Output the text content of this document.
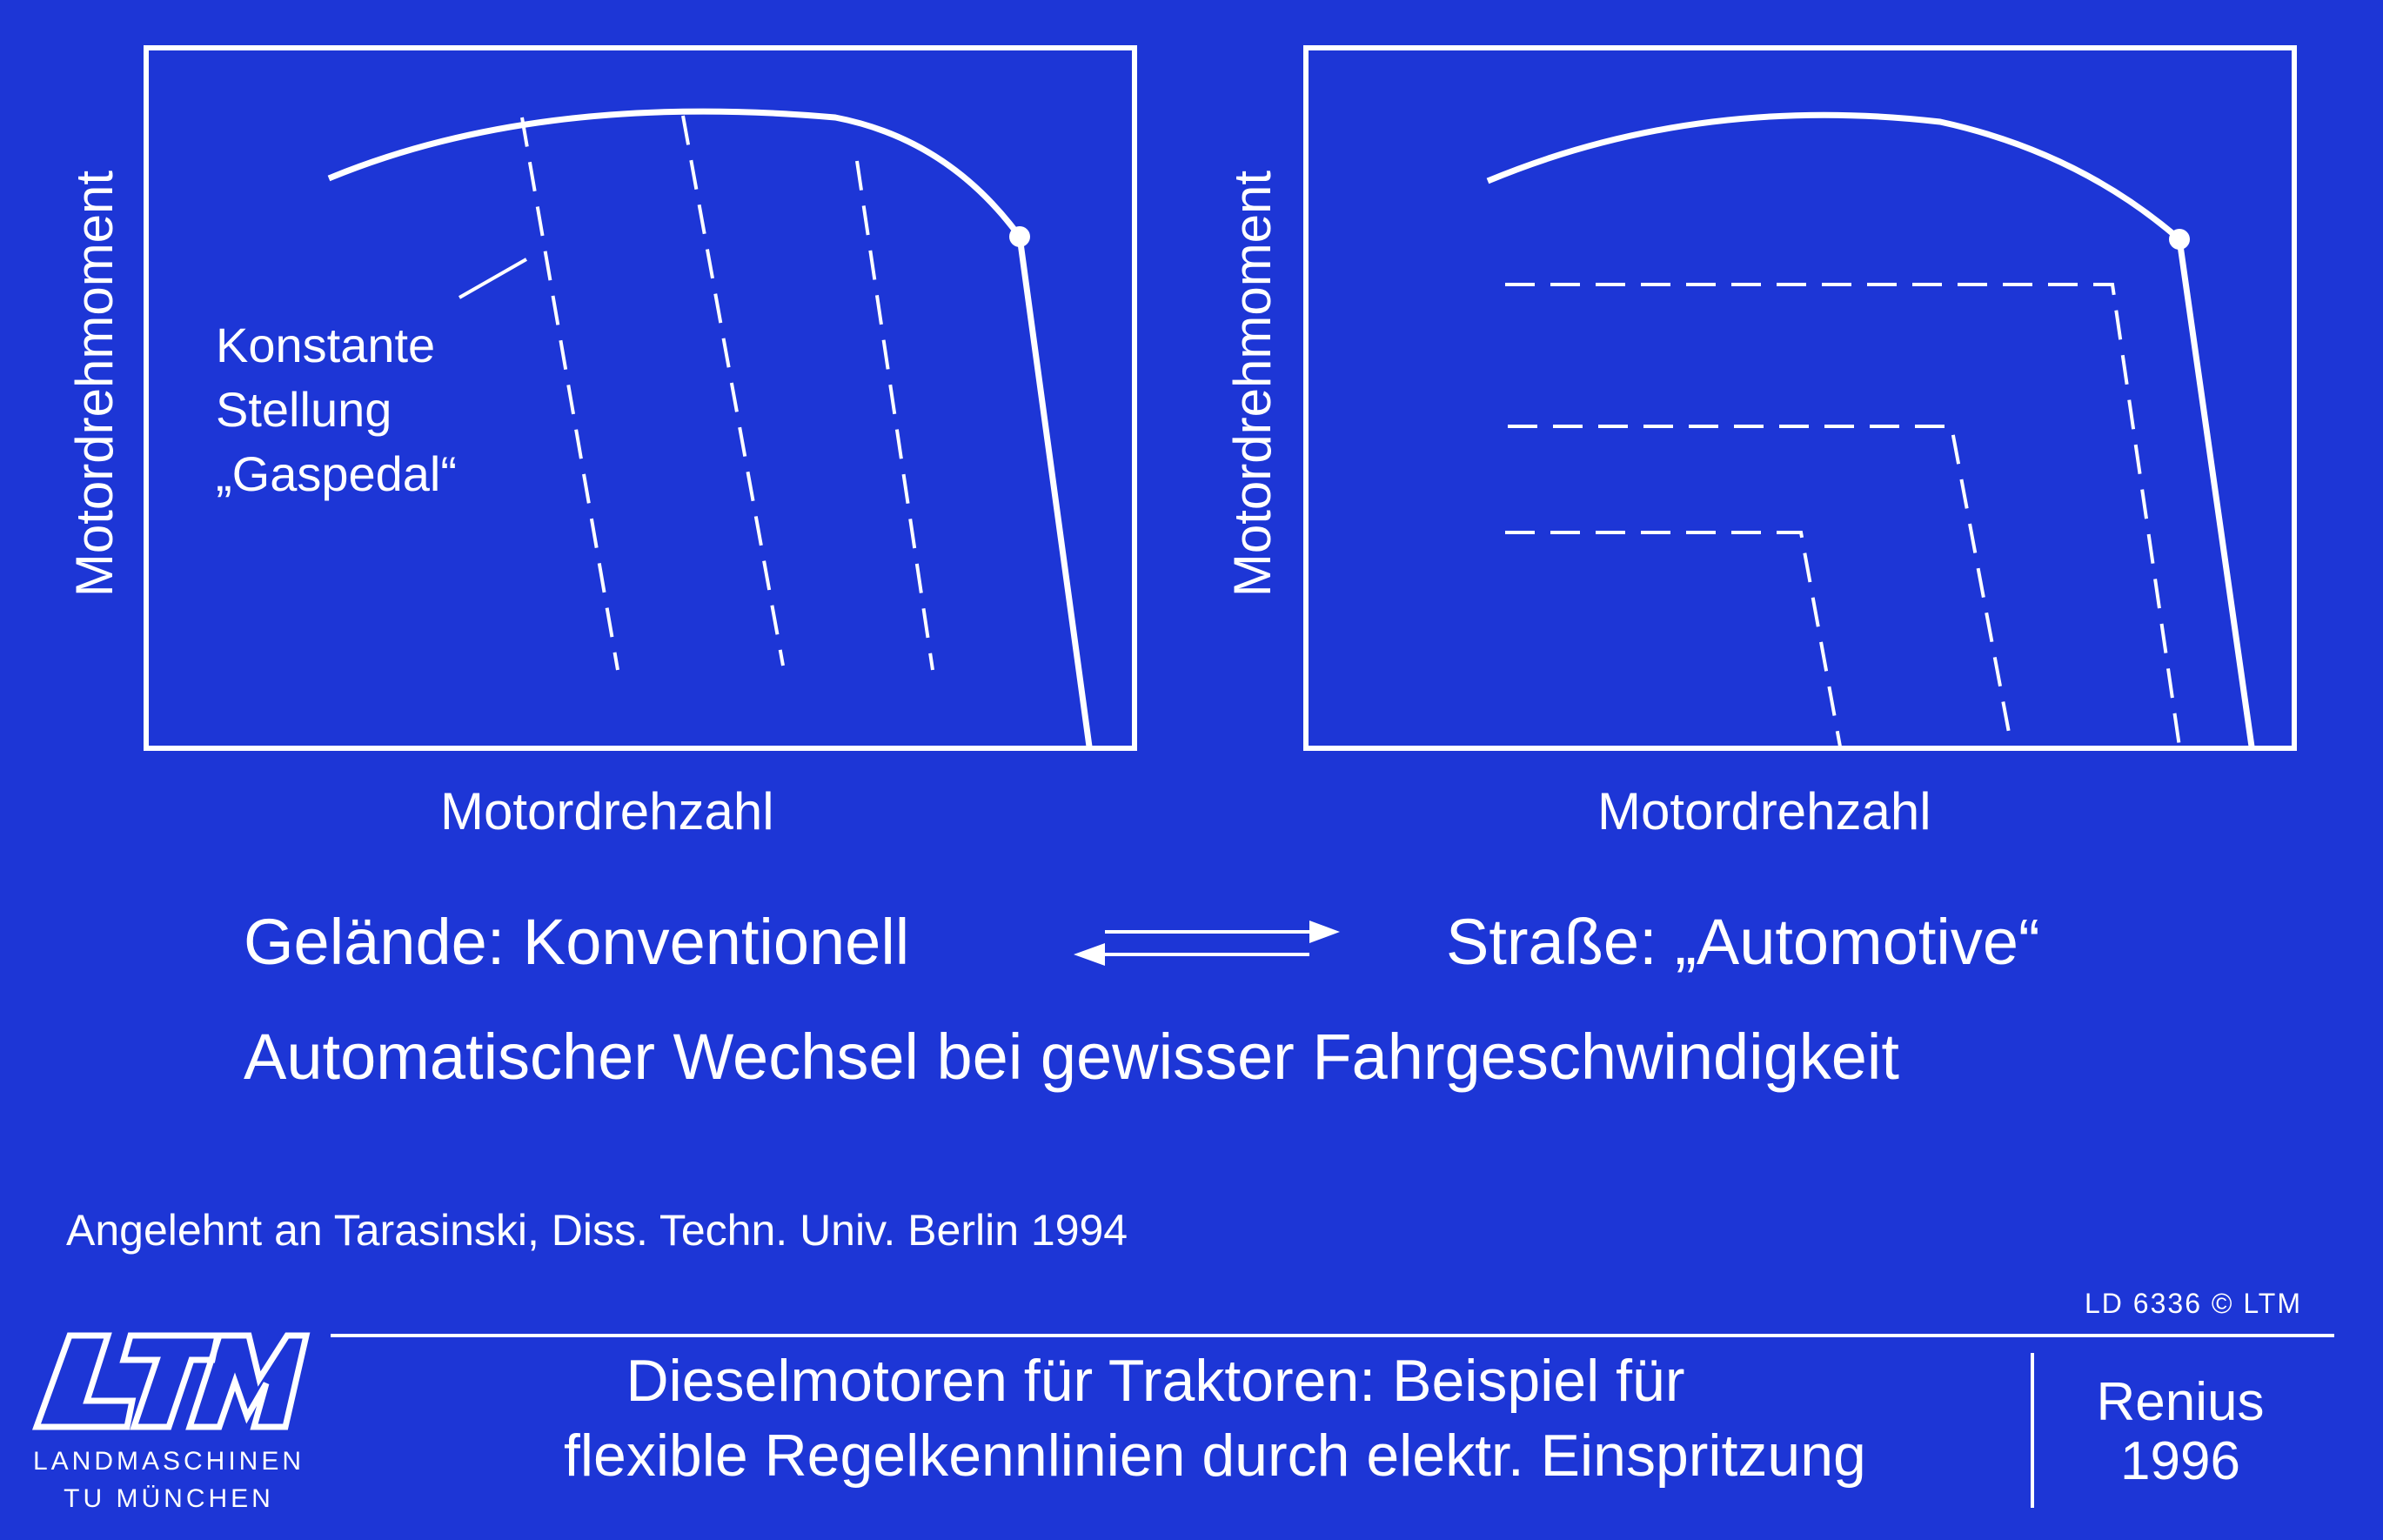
Motordrehmoment
Motordrehzahl
Konstante
Stellung
„Gaspedal“	Motordrehmoment
Motordrehzahl
Gelände: Konventionell	Straße: „Automotive“
Automatischer Wechsel bei gewisser Fahrgeschwindigkeit
Angelehnt an Tarasinski, Diss. Techn. Univ. Berlin 1994
LD 6336 © LTM
LANDMASCHINEN
TU MÜNCHEN
Dieselmotoren für Traktoren: Beispiel für
flexible Regelkennlinien durch elektr. Einspritzung
Renius
1996
